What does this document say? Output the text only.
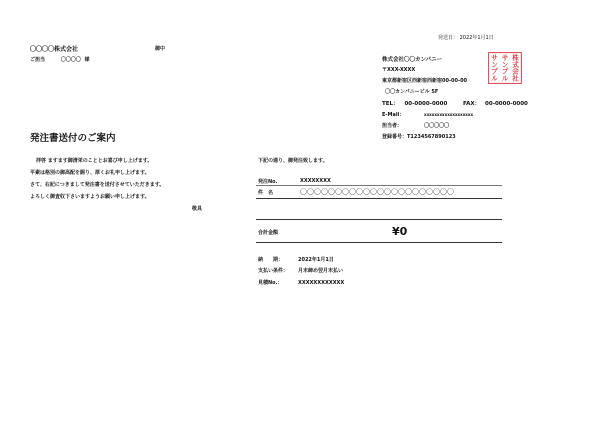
発送日： 2022年1月1日
〇〇〇〇株式会社	御中
ご担当	〇〇〇〇 様	株式会社〇〇カンパニー
〒XXX-XXXX
東京都新宿区西新宿西新宿00-00-00
〇〇カンパニービル 5F
TEL： 00-0000-0000	FAX： 00-0000-0000
E-Mail：	xxxxxxxxxxxxxxxxxxx
担当者：	〇〇〇〇〇
登録番号：T1234567890123
株
式
会
社
サ
ン
プ
ル
サ
ン
プ
ル
発注書送付のご案内
拝啓 ますます御清栄のこととお喜び申し上げます。
平素は格別の御高配を賜り、厚くお礼申し上げます。
さて、右記につきまして発注書を送付させていただきます。
よろしく御査収下さいますようお願い申し上げます。
敬具
下記の通り、御発注致します。
発注No.	XXXXXXXX
件　名	〇〇〇〇〇〇〇〇〇〇〇〇〇〇〇〇〇〇〇〇〇〇
合計金額	¥0
納　　期：	2022年1月1日
支払い条件： 月末締め翌月末払い
見積No.：	XXXXXXXXXXXX
